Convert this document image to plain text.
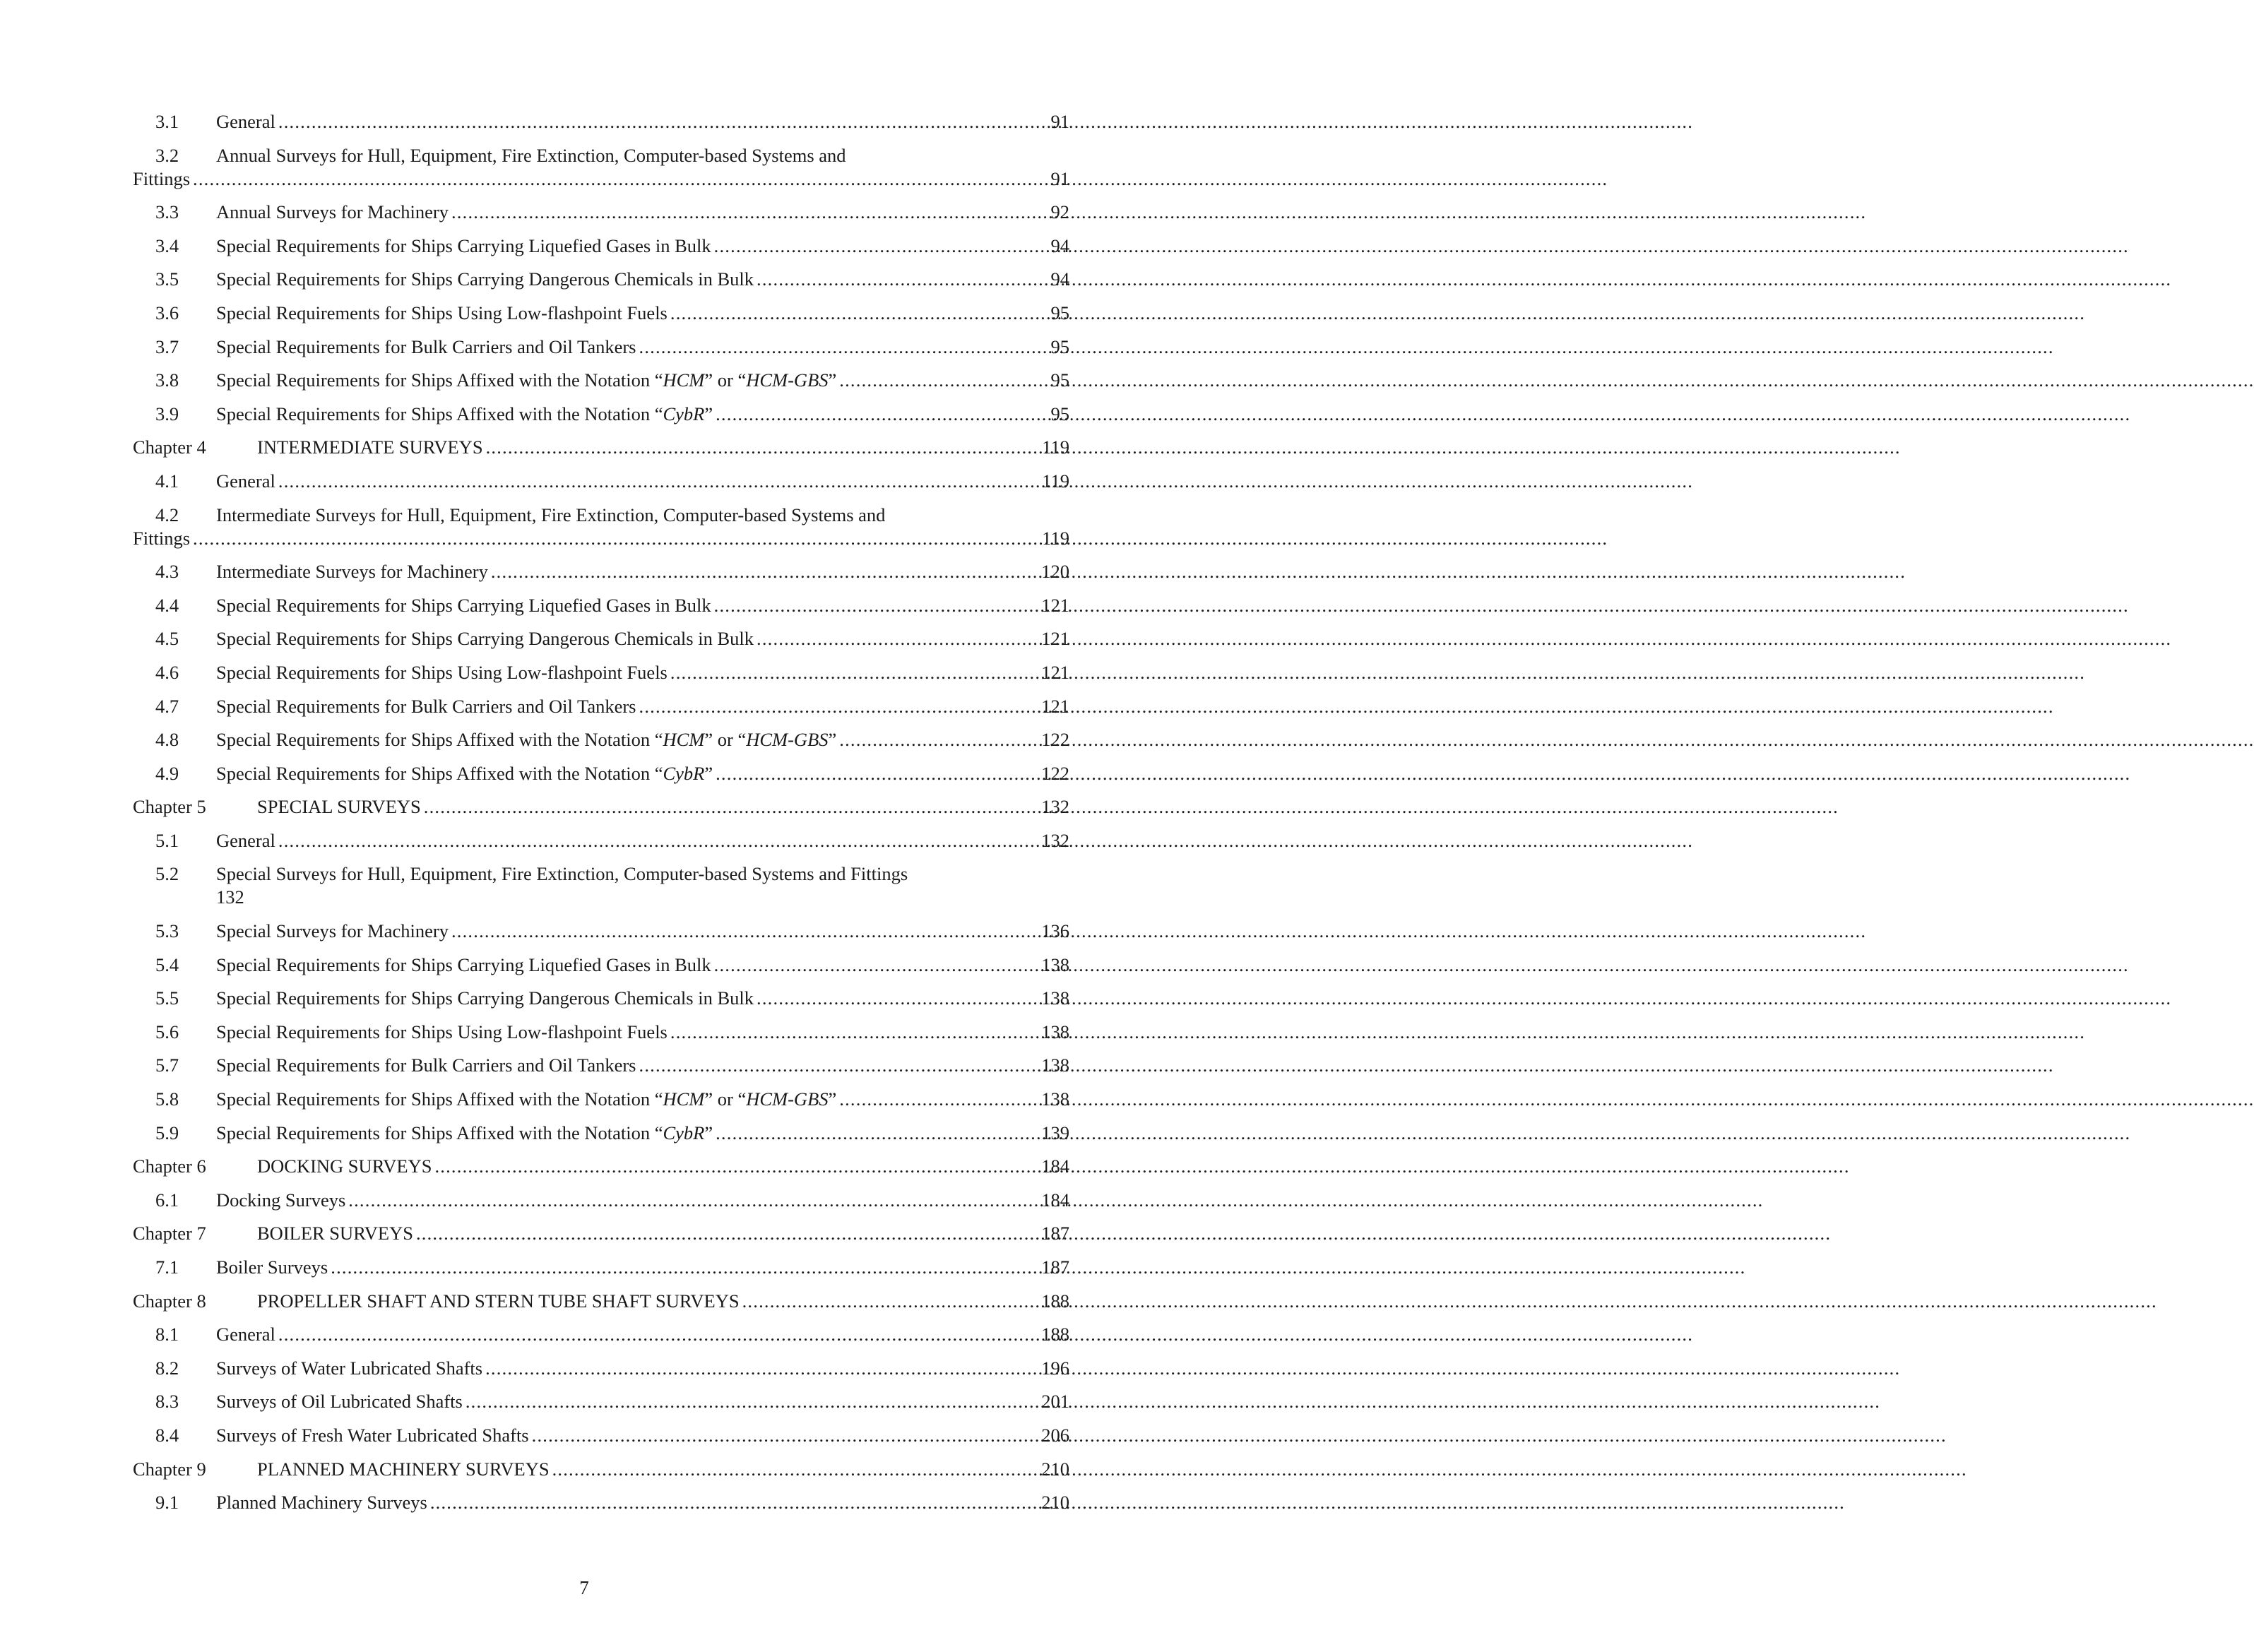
3.1	General .....	91
3.2	Annual Surveys for Hull, Equipment, Fire Extinction, Computer-based Systems and
Fittings .....	91
3.3	Annual Surveys for Machinery .....	92
3.4	Special Requirements for Ships Carrying Liquefied Gases in Bulk .....	94
3.5	Special Requirements for Ships Carrying Dangerous Chemicals in Bulk .....	94
3.6	Special Requirements for Ships Using Low-flashpoint Fuels .....	95
3.7	Special Requirements for Bulk Carriers and Oil Tankers .....	95
3.8	Special Requirements for Ships Affixed with the Notation “HCM” or “HCM-GBS” .....	95
3.9	Special Requirements for Ships Affixed with the Notation “CybR” .....	95
Chapter 4	INTERMEDIATE SURVEYS .....	119
4.1	General .....	119
4.2	Intermediate Surveys for Hull, Equipment, Fire Extinction, Computer-based Systems and
Fittings .....	119
4.3	Intermediate Surveys for Machinery .....	120
4.4	Special Requirements for Ships Carrying Liquefied Gases in Bulk .....	121
4.5	Special Requirements for Ships Carrying Dangerous Chemicals in Bulk .....	121
4.6	Special Requirements for Ships Using Low-flashpoint Fuels .....	121
4.7	Special Requirements for Bulk Carriers and Oil Tankers .....	121
4.8	Special Requirements for Ships Affixed with the Notation “HCM” or “HCM-GBS” .....	122
4.9	Special Requirements for Ships Affixed with the Notation “CybR” .....	122
Chapter 5	SPECIAL SURVEYS .....	132
5.1	General .....	132
5.2	Special Surveys for Hull, Equipment, Fire Extinction, Computer-based Systems and Fittings
132
5.3	Special Surveys for Machinery .....	136
5.4	Special Requirements for Ships Carrying Liquefied Gases in Bulk .....	138
5.5	Special Requirements for Ships Carrying Dangerous Chemicals in Bulk .....	138
5.6	Special Requirements for Ships Using Low-flashpoint Fuels .....	138
5.7	Special Requirements for Bulk Carriers and Oil Tankers .....	138
5.8	Special Requirements for Ships Affixed with the Notation “HCM” or “HCM-GBS” .....	138
5.9	Special Requirements for Ships Affixed with the Notation “CybR” .....	139
Chapter 6	DOCKING SURVEYS .....	184
6.1	Docking Surveys .....	184
Chapter 7	BOILER SURVEYS .....	187
7.1	Boiler Surveys .....	187
Chapter 8	PROPELLER SHAFT AND STERN TUBE SHAFT SURVEYS .....	188
8.1	General .....	188
8.2	Surveys of Water Lubricated Shafts .....	196
8.3	Surveys of Oil Lubricated Shafts .....	201
8.4	Surveys of Fresh Water Lubricated Shafts .....	206
Chapter 9	PLANNED MACHINERY SURVEYS .....	210
9.1	Planned Machinery Surveys .....	210
7
